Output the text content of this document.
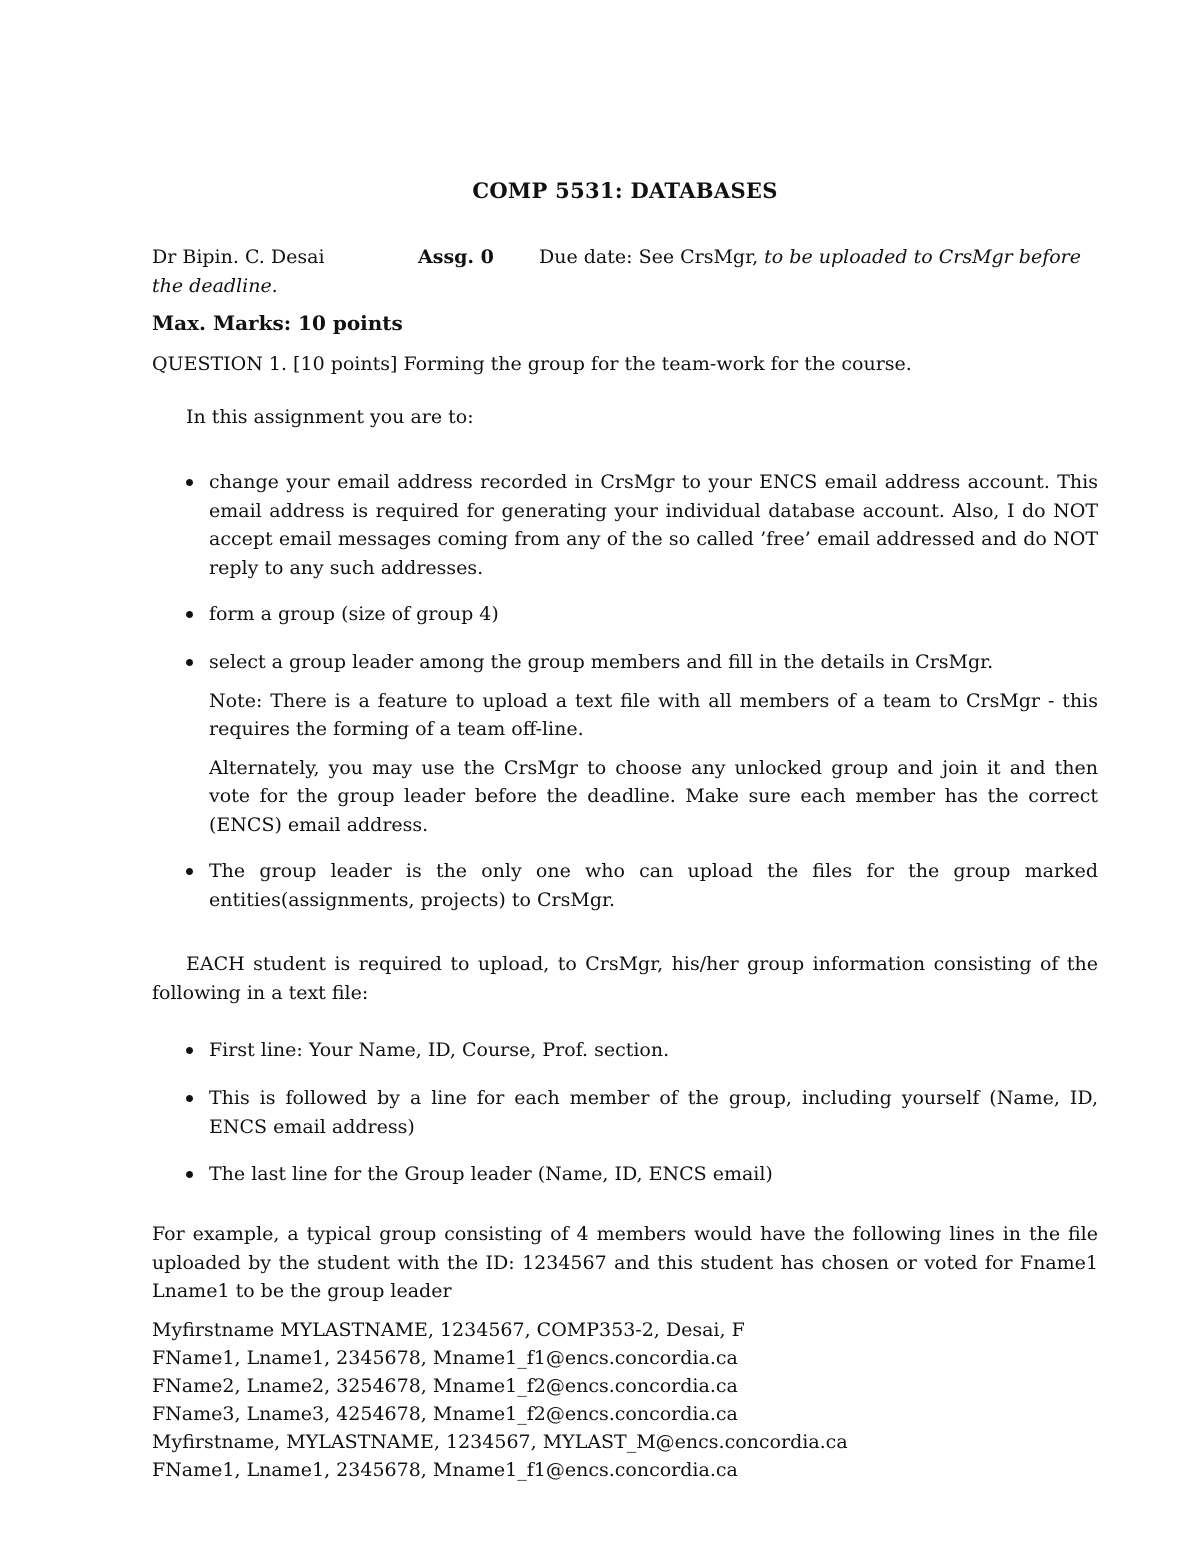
COMP 5531: DATABASES
Dr Bipin. C. Desai	Assg. 0 Due date: See CrsMgr, to be uploaded to CrsMgr before
the deadline.
Max. Marks: 10 points
QUESTION 1. [10 points] Forming the group for the team-work for the course.
In this assignment you are to:

change your email address recorded in CrsMgr to your ENCS email address account. This email address is required for generating your individual database account. Also, I do NOT accept email messages coming from any of the so called ’free’ email addressed and do NOT reply to any such addresses.

form a group (size of group 4)

select a group leader among the group members and fill in the details in CrsMgr.

Note: There is a feature to upload a text file with all members of a team to CrsMgr - this requires the forming of a team off-line.

Alternately, you may use the CrsMgr to choose any unlocked group and join it and then vote for the group leader before the deadline. Make sure each member has the correct (ENCS) email address.

The group leader is the only one who can upload the files for the group marked entities(assignments, projects) to CrsMgr.

EACH student is required to upload, to CrsMgr, his/her group information consisting of the following in a text file:

First line: Your Name, ID, Course, Prof. section.

This is followed by a line for each member of the group, including yourself (Name, ID, ENCS email address)

The last line for the Group leader (Name, ID, ENCS email)

For example, a typical group consisting of 4 members would have the following lines in the file uploaded by the student with the ID: 1234567 and this student has chosen or voted for Fname1 Lname1 to be the group leader
Myfirstname MYLASTNAME, 1234567, COMP353-2, Desai, F
FName1, Lname1, 2345678, Mname1_f1@encs.concordia.ca
FName2, Lname2, 3254678, Mname1_f2@encs.concordia.ca
FName3, Lname3, 4254678, Mname1_f2@encs.concordia.ca
Myfirstname, MYLASTNAME, 1234567, MYLAST_M@encs.concordia.ca
FName1, Lname1, 2345678, Mname1_f1@encs.concordia.ca
